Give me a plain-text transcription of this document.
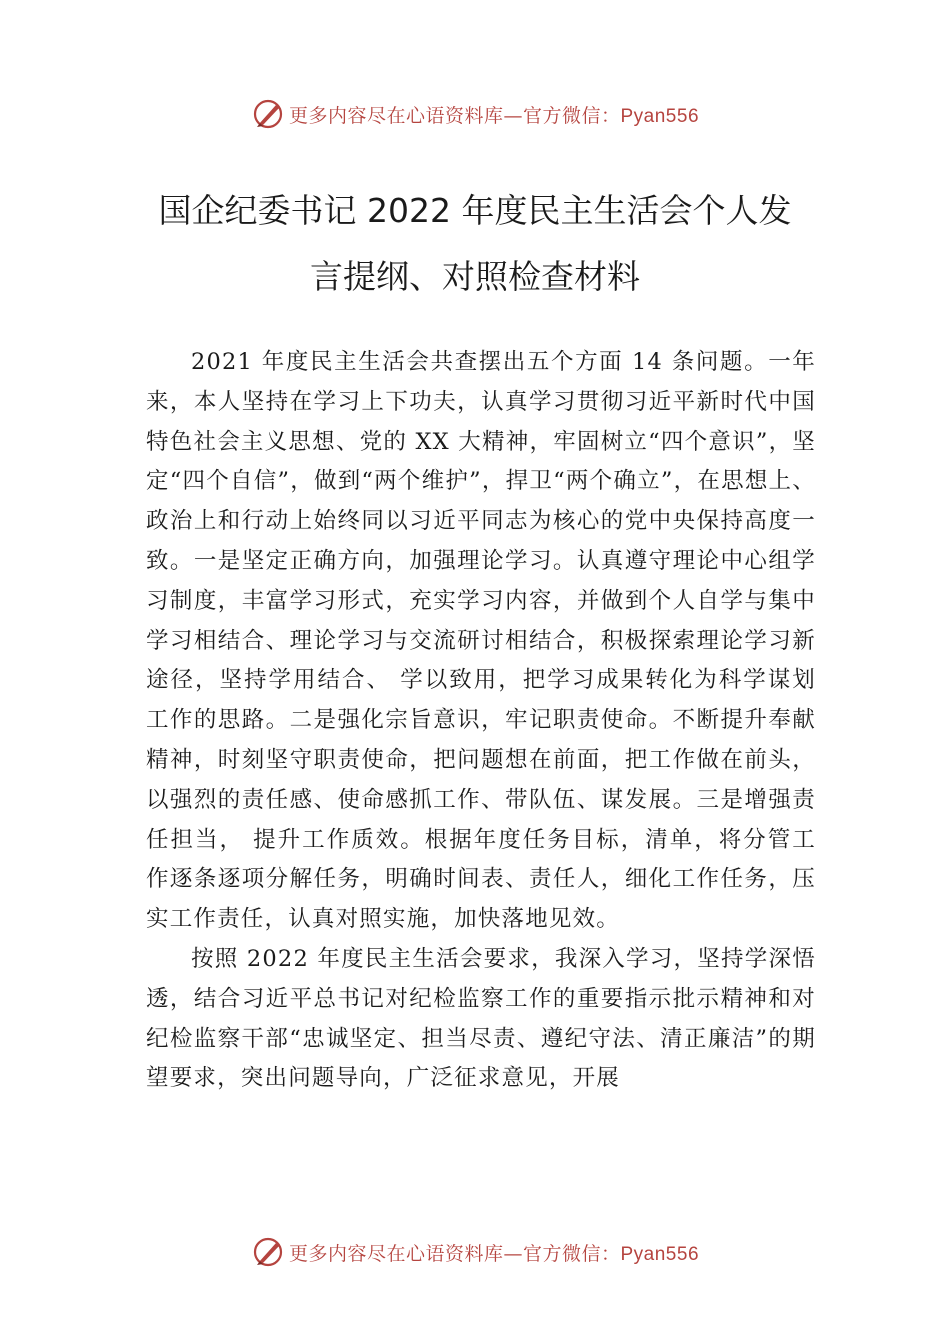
更多内容尽在心语资料库—官方微信：Pyan556
国企纪委书记 2022 年度民主生活会个人发
言提纲、对照检查材料

2021 年度民主生活会共查摆出五个方面 14 条问题。一年来，本人坚持在学习上下功夫，认真学习贯彻习近平新时代中国特色社会主义思想、党的 XX 大精神，牢固树立“四个意识”，坚定“四个自信”，做到“两个维护”，捍卫“两个确立”，在思想上、政治上和行动上始终同以习近平同志为核心的党中央保持高度一致。一是坚定正确方向，加强理论学习。认真遵守理论中心组学习制度，丰富学习形式，充实学习内容，并做到个人自学与集中学习相结合、理论学习与交流研讨相结合，积极探索理论学习新途径，坚持学用结合、 学以致用，把学习成果转化为科学谋划工作的思路。二是强化宗旨意识，牢记职责使命。不断提升奉献精神，时刻坚守职责使命，把问题想在前面，把工作做在前头，以强烈的责任感、使命感抓工作、带队伍、谋发展。三是增强责任担当， 提升工作质效。根据年度任务目标，清单，将分管工作逐条逐项分解任务，明确时间表、责任人，细化工作任务，压实工作责任，认真对照实施，加快落地见效。

按照 2022 年度民主生活会要求，我深入学习，坚持学深悟透，结合习近平总书记对纪检监察工作的重要指示批示精神和对纪检监察干部“忠诚坚定、担当尽责、遵纪守法、清正廉洁”的期望要求，突出问题导向，广泛征求意见，开展

更多内容尽在心语资料库—官方微信：Pyan556
